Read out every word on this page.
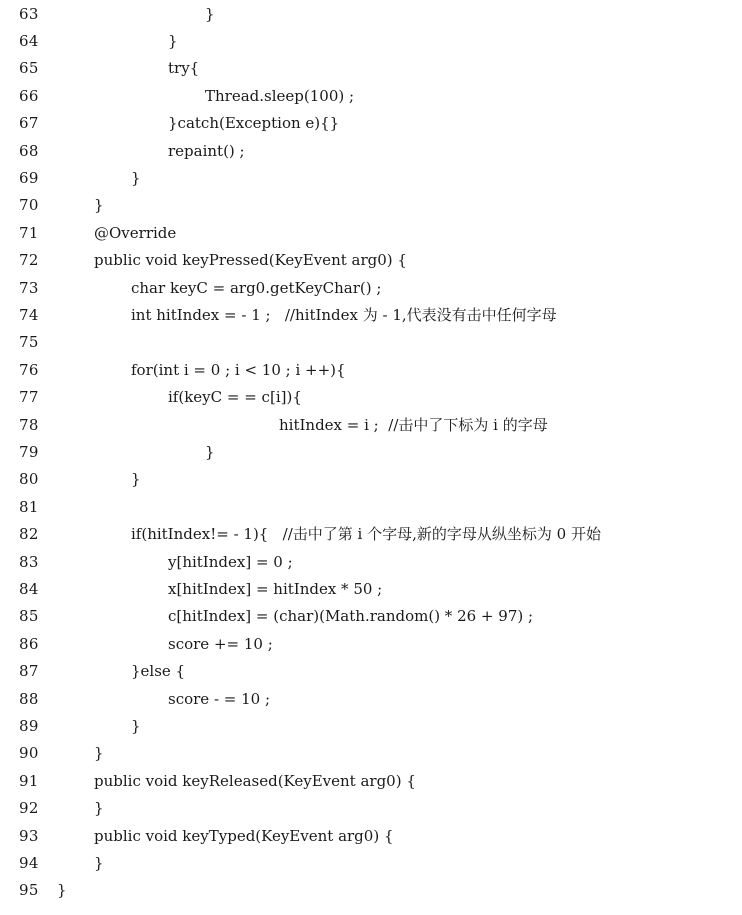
63	}
64	}
65	try{
66	Thread.sleep(100) ;
67	}catch(Exception e){}
68	repaint() ;
69	}
70	}
71	@Override
72	public void keyPressed(KeyEvent arg0) {
73	char keyC = arg0.getKeyChar() ;
74	int hitIndex = - 1 ;   //hitIndex 为 - 1,代表没有击中任何字母
75
76	for(int i = 0 ; i < 10 ; i ++){
77	if(keyC = = c[i]){
78	hitIndex = i ;  //击中了下标为 i 的字母
79	}
80	}
81
82	if(hitIndex!= - 1){   //击中了第 i 个字母,新的字母从纵坐标为 0 开始
83	y[hitIndex] = 0 ;
84	x[hitIndex] = hitIndex * 50 ;
85	c[hitIndex] = (char)(Math.random() * 26 + 97) ;
86	score += 10 ;
87	}else {
88	score - = 10 ;
89	}
90	}
91	public void keyReleased(KeyEvent arg0) {
92	}
93	public void keyTyped(KeyEvent arg0) {
94	}
95 }
